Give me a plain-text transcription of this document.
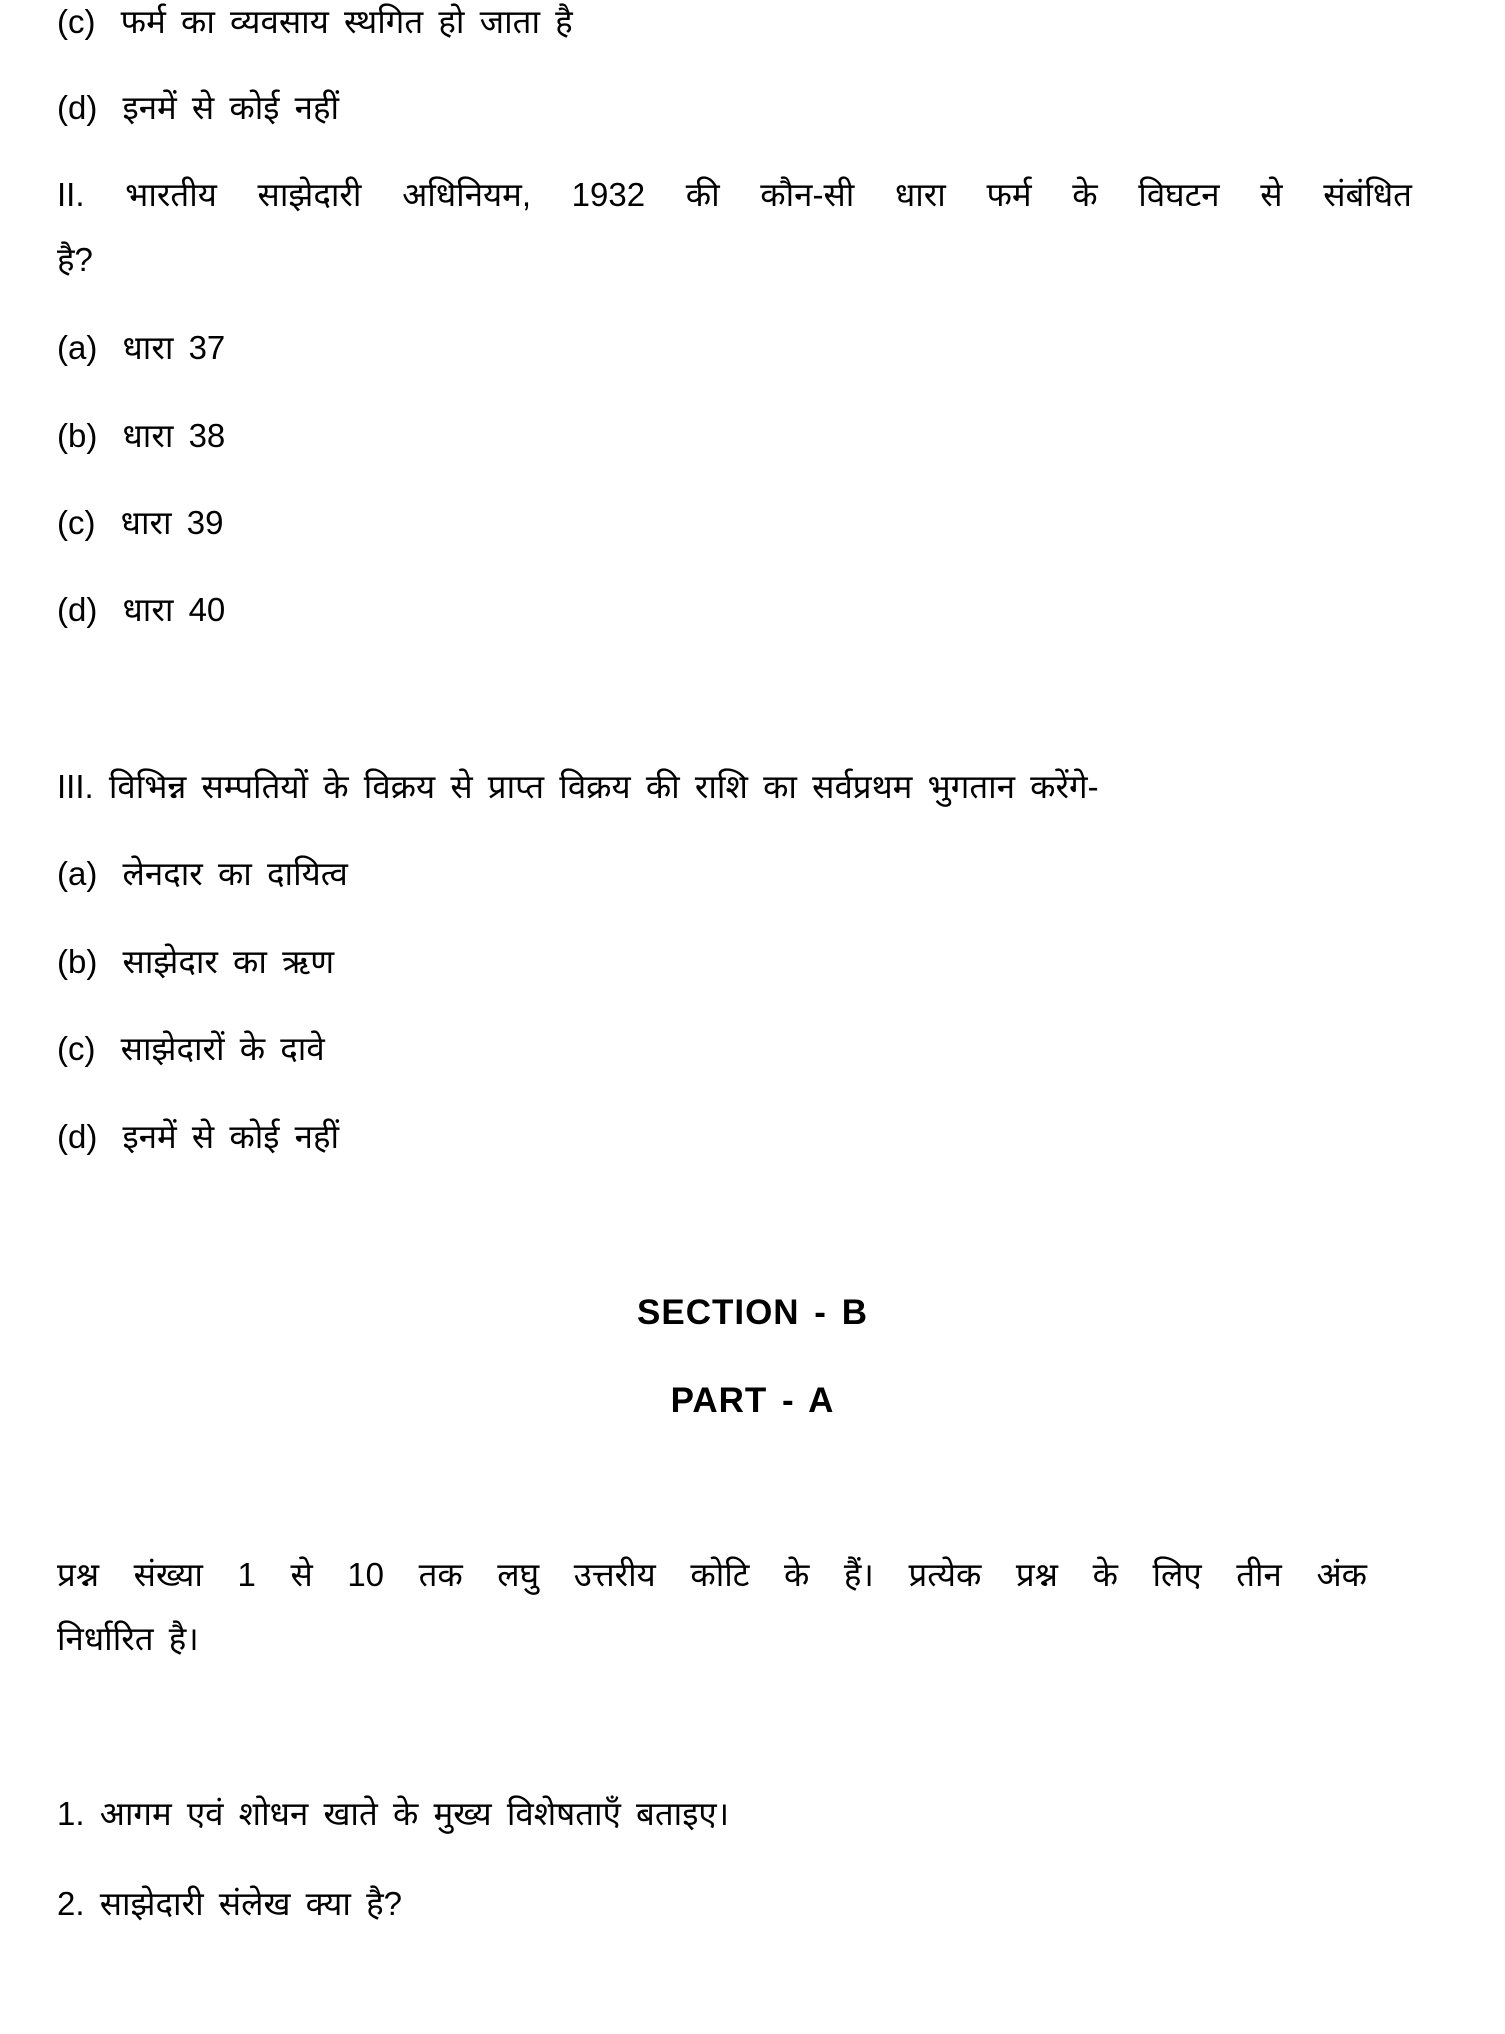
(c) फर्म का व्यवसाय स्थगित हो जाता है
(d) इनमें से कोई नहीं
II. भारतीय साझेदारी अधिनियम, 1932 की कौन-सी धारा फर्म के विघटन से संबंधित
है?
(a) धारा 37
(b) धारा 38
(c) धारा 39
(d) धारा 40
III. विभिन्न सम्पतियों के विक्रय से प्राप्त विक्रय की राशि का सर्वप्रथम भुगतान करेंगे-
(a) लेनदार का दायित्व
(b) साझेदार का ऋण
(c) साझेदारों के दावे
(d) इनमें से कोई नहीं
SECTION - B
PART - A
प्रश्न संख्या 1 से 10 तक लघु उत्तरीय कोटि के हैं। प्रत्येक प्रश्न के लिए तीन अंक
निर्धारित है।
1. आगम एवं शोधन खाते के मुख्य विशेषताएँ बताइए।
2. साझेदारी संलेख क्या है?
